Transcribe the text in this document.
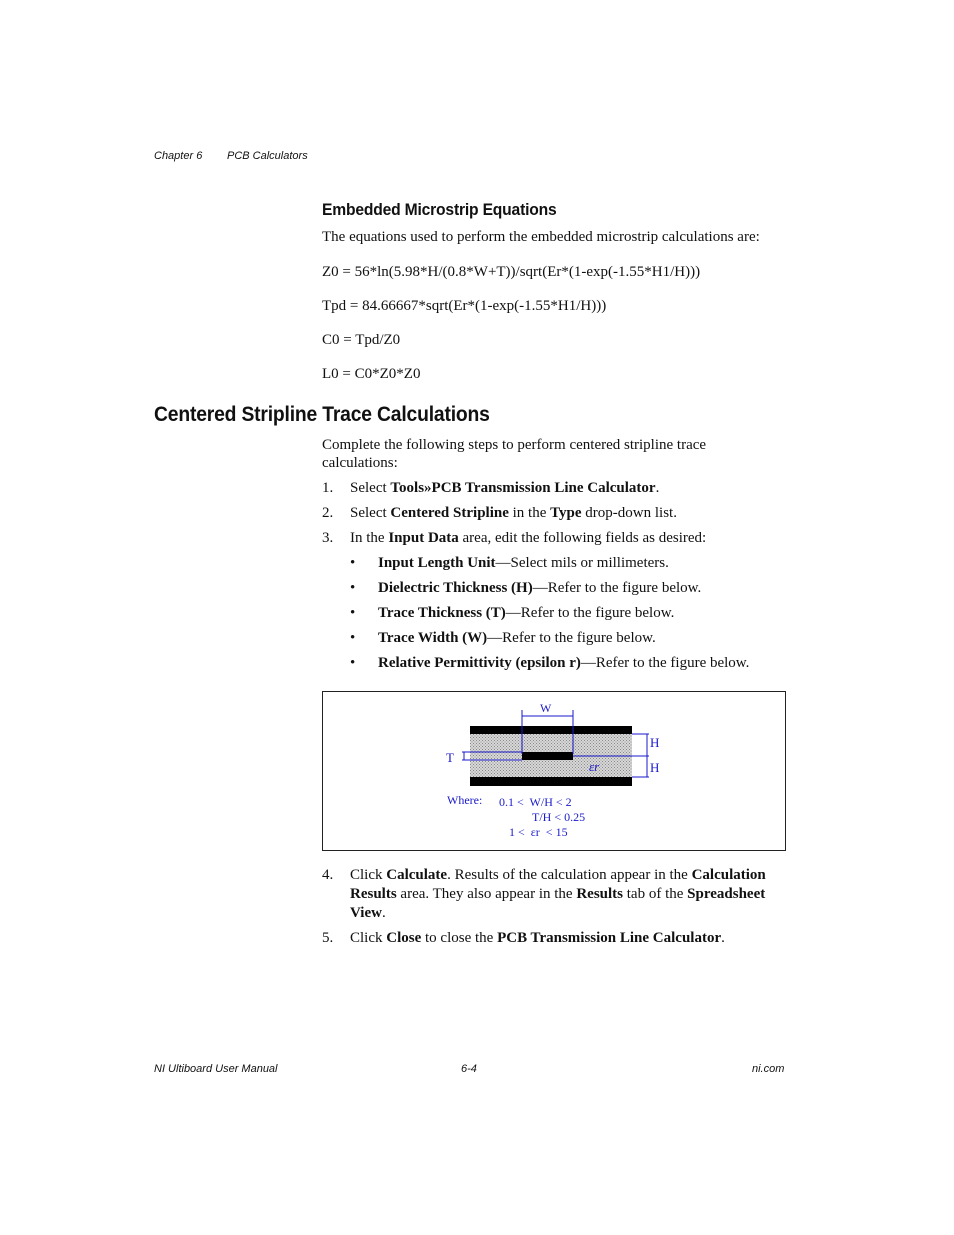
Chapter 6 PCB Calculators
Embedded Microstrip Equations
The equations used to perform the embedded microstrip calculations are:
Z0 = 56*ln(5.98*H/(0.8*W+T))/sqrt(Er*(1-exp(-1.55*H1/H)))
Tpd = 84.66667*sqrt(Er*(1-exp(-1.55*H1/H)))
C0 = Tpd/Z0
L0 = C0*Z0*Z0
Centered Stripline Trace Calculations
Complete the following steps to perform centered stripline trace calculations:
1. Select Tools»PCB Transmission Line Calculator.
2. Select Centered Stripline in the Type drop-down list.
3. In the Input Data area, edit the following fields as desired:
• Input Length Unit—Select mils or millimeters.
• Dielectric Thickness (H)—Refer to the figure below.
• Trace Thickness (T)—Refer to the figure below.
• Trace Width (W)—Refer to the figure below.
• Relative Permittivity (epsilon r)—Refer to the figure below.
W
H
H
T
εr
Where: 0.1 <  W/H < 2
T/H < 0.25
1 <  εr  < 15
4. Click Calculate. Results of the calculation appear in the Calculation Results area. They also appear in the Results tab of the Spreadsheet View.
5. Click Close to close the PCB Transmission Line Calculator.
NI Ultiboard User Manual	6-4	ni.com
